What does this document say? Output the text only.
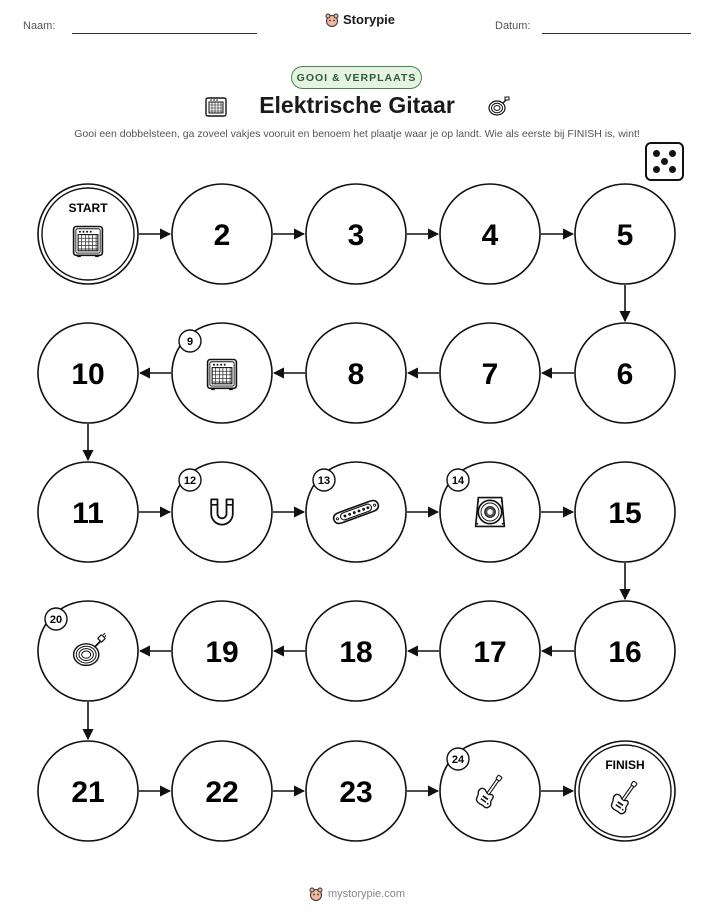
Naam:	Storypie	Datum:
GOOI & VERPLAATS
Elektrische Gitaar
Gooi een dobbelsteen, ga zoveel vakjes vooruit en benoem het plaatje waar je op landt. Wie als eerste bij FINISH is, wint!
START
2	3	4	5
6
7
8
9
10
11
12	13	14
15
16
17
18
19
20
21	22	23
24	FINISH
mystorypie.com
